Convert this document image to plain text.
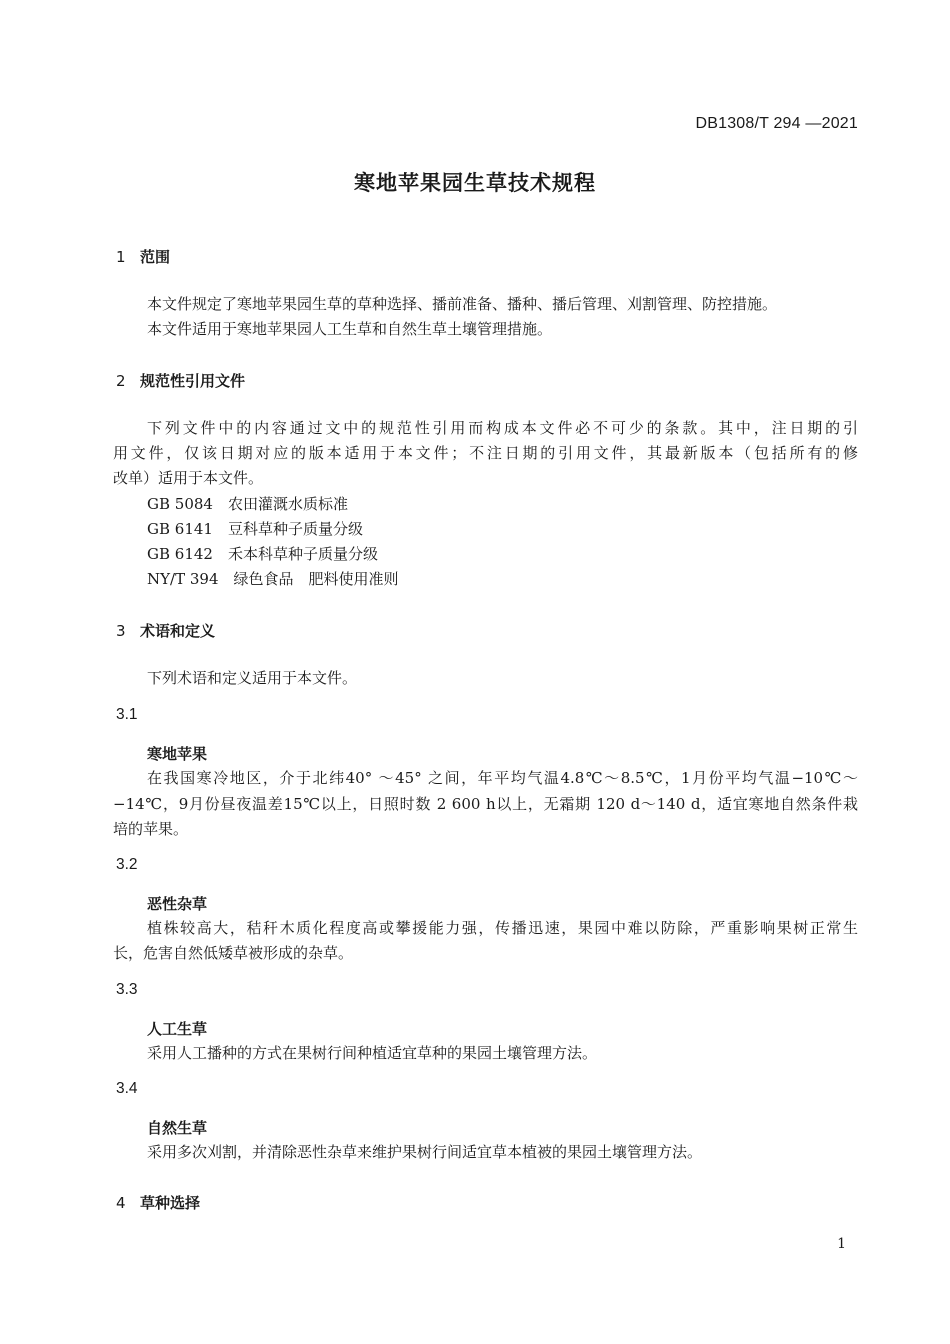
DB1308/T 294 —2021
寒地苹果园生草技术规程
1 范围
本文件规定了寒地苹果园生草的草种选择、播前准备、播种、播后管理、刈割管理、防控措施。
本文件适用于寒地苹果园人工生草和自然生草土壤管理措施。
2 规范性引用文件
下列文件中的内容通过文中的规范性引用而构成本文件必不可少的条款。其中，注日期的引
用文件，仅该日期对应的版本适用于本文件；不注日期的引用文件，其最新版本（包括所有的修
改单）适用于本文件。
GB 5084　农田灌溉水质标准
GB 6141　豆科草种子质量分级
GB 6142　禾本科草种子质量分级
NY/T 394　绿色食品　肥料使用准则
3 术语和定义
下列术语和定义适用于本文件。
3.1
寒地苹果
在我国寒冷地区，介于北纬40° ～45° 之间，年平均气温4.8℃～8.5℃，1月份平均气温−10℃～
−14℃，9月份昼夜温差15℃以上，日照时数 2 600 h以上，无霜期 120 d～140 d，适宜寒地自然条件栽
培的苹果。
3.2
恶性杂草
植株较高大，秸秆木质化程度高或攀援能力强，传播迅速，果园中难以防除，严重影响果树正常生
长，危害自然低矮草被形成的杂草。
3.3
人工生草
采用人工播种的方式在果树行间种植适宜草种的果园土壤管理方法。
3.4
自然生草
采用多次刈割，并清除恶性杂草来维护果树行间适宜草本植被的果园土壤管理方法。
4 草种选择
1
